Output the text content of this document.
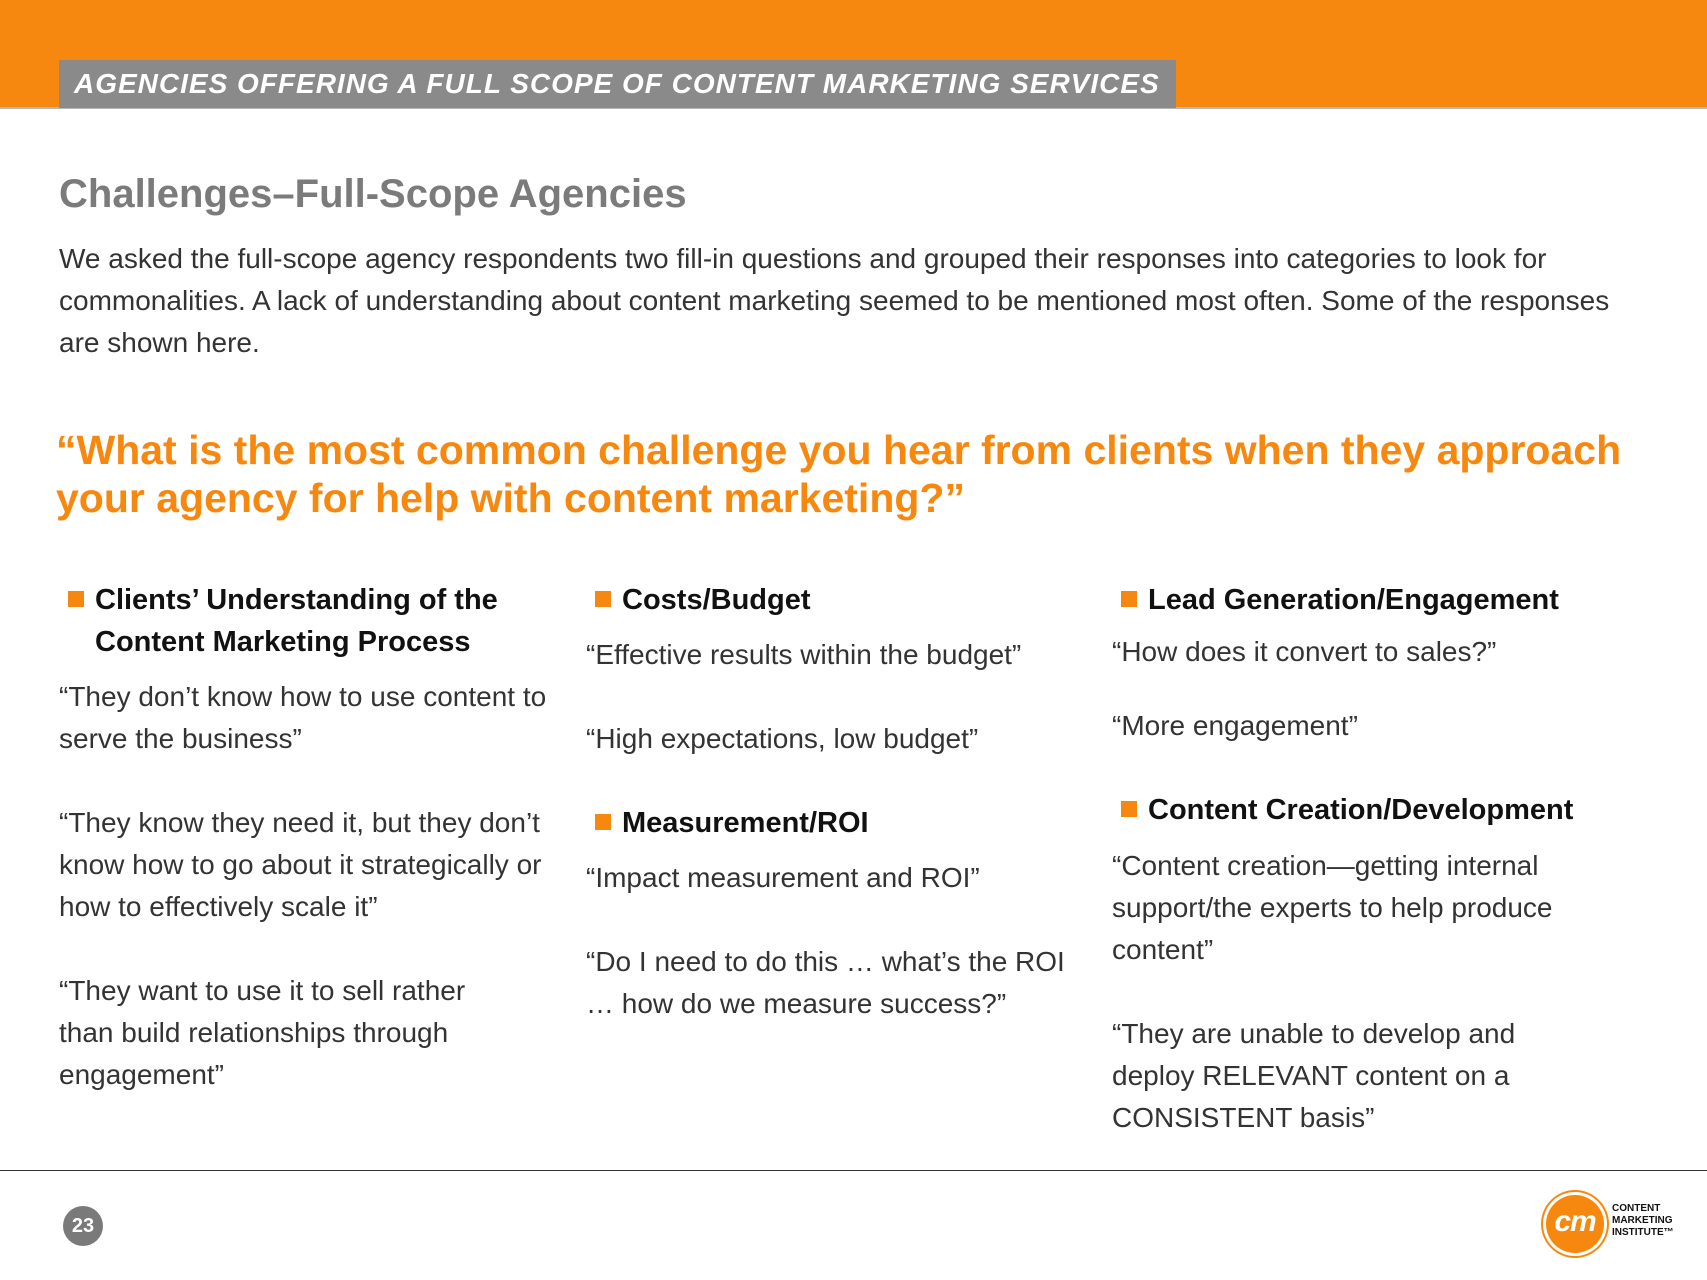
AGENCIES OFFERING A FULL SCOPE OF CONTENT MARKETING SERVICES
Challenges–Full-Scope Agencies

We asked the full-scope agency respondents two fill-in questions and grouped their responses into categories to look for commonalities. A lack of understanding about content marketing seemed to be mentioned most often. Some of the responses are shown here.

“What is the most common challenge you hear from clients when they approach your agency for help with content marketing?”

Clients’ Understanding of the Content Marketing Process

“They don’t know how to use content to serve the business”

“They know they need it, but they don’t know how to go about it strategically or how to effectively scale it”

“They want to use it to sell rather than build relationships through engagement”

Costs/Budget

“Effective results within the budget”

“High expectations, low budget”

Measurement/ROI

“Impact measurement and ROI”

“Do I need to do this … what’s the ROI … how do we measure success?”

Lead Generation/Engagement

“How does it convert to sales?”

“More engagement”

Content Creation/Development

“Content creation—getting internal support/the experts to help produce content”

“They are unable to develop and deploy RELEVANT content on a CONSISTENT basis”

23	cm	CONTENT
MARKETING
INSTITUTE™
